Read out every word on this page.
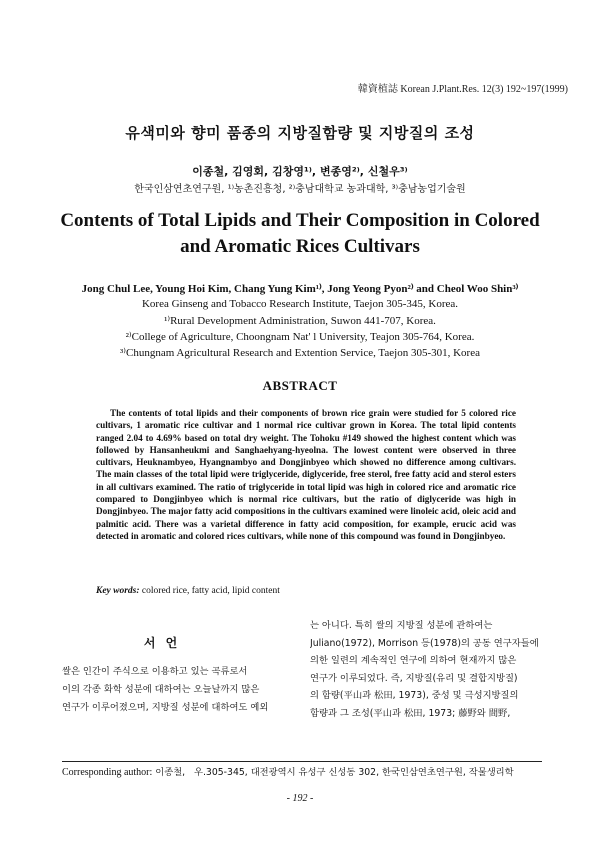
韓資植誌 Korean J.Plant.Res. 12(3) 192~197(1999)
유색미와 향미 품종의 지방질함량 및 지방질의 조성
이종철, 김영회, 김창영¹⁾, 변종영²⁾, 신철우³⁾
한국인삼연초연구원, ¹⁾농촌진흥청, ²⁾충남대학교 농과대학, ³⁾충남농업기술원
Contents of Total Lipids and Their Composition in Colored
and Aromatic Rices Cultivars
Jong Chul Lee, Young Hoi Kim, Chang Yung Kim¹⁾, Jong Yeong Pyon²⁾ and Cheol Woo Shin³⁾
Korea Ginseng and Tobacco Research Institute, Taejon 305-345, Korea.
¹⁾Rural Development Administration, Suwon 441-707, Korea.
²⁾College of Agriculture, Choongnam Nat' l University, Teajon 305-764, Korea.
³⁾Chungnam Agricultural Research and Extention Service, Taejon 305-301, Korea
ABSTRACT
The contents of total lipids and their components of brown rice grain were studied for 5 colored rice cultivars, 1 aromatic rice cultivar and 1 normal rice cultivar grown in Korea. The total lipid contents ranged 2.04 to 4.69% based on total dry weight. The Tohoku #149 showed the highest content which was followed by Hansanheukmi and Sanghaehyang-hyeolna. The lowest content were observed in three cultivars, Heuknambyeo, Hyangnambyo and Dongjinbyeo which showed no difference among cultivars. The main classes of the total lipid were triglyceride, diglyceride, free sterol, free fatty acid and sterol esters in all cultivars examined. The ratio of triglyceride in total lipid was high in colored rice and aromatic rice compared to Dongjinbyeo which is normal rice cultivars, but the ratio of diglyceride was high in Dongjinbyeo. The major fatty acid compositions in the cultivars examined were linoleic acid, oleic acid and palmitic acid. There was a varietal difference in fatty acid composition, for example, erucic acid was detected in aromatic and colored rices cultivars, while none of this compound was found in Dongjinbyeo.
Key words: colored rice, fatty acid, lipid content
서 언
쌀은 인간이 주식으로 이용하고 있는 곡류로서
이의 각종 화학 성분에 대하여는 오늘날까지 많은
연구가 이루어졌으며, 지방질 성분에 대하여도 예외
는 아니다. 특히 쌀의 지방질 성분에 관하여는
Juliano(1972), Morrison 등(1978)의 공동 연구자들에
의한 일련의 계속적인 연구에 의하여 현재까지 많은
연구가 이루되었다. 즉, 지방질(유리 및 결합지방질)
의 함량(平山과 松田, 1973), 중성 및 극성지방질의
함량과 그 조성(平山과 松田, 1973; 藤野와 間野,
Corresponding author: 이종철,   우.305-345, 대전광역시 유성구 신성동 302, 한국인삼연초연구원, 작물생리학
- 192 -
